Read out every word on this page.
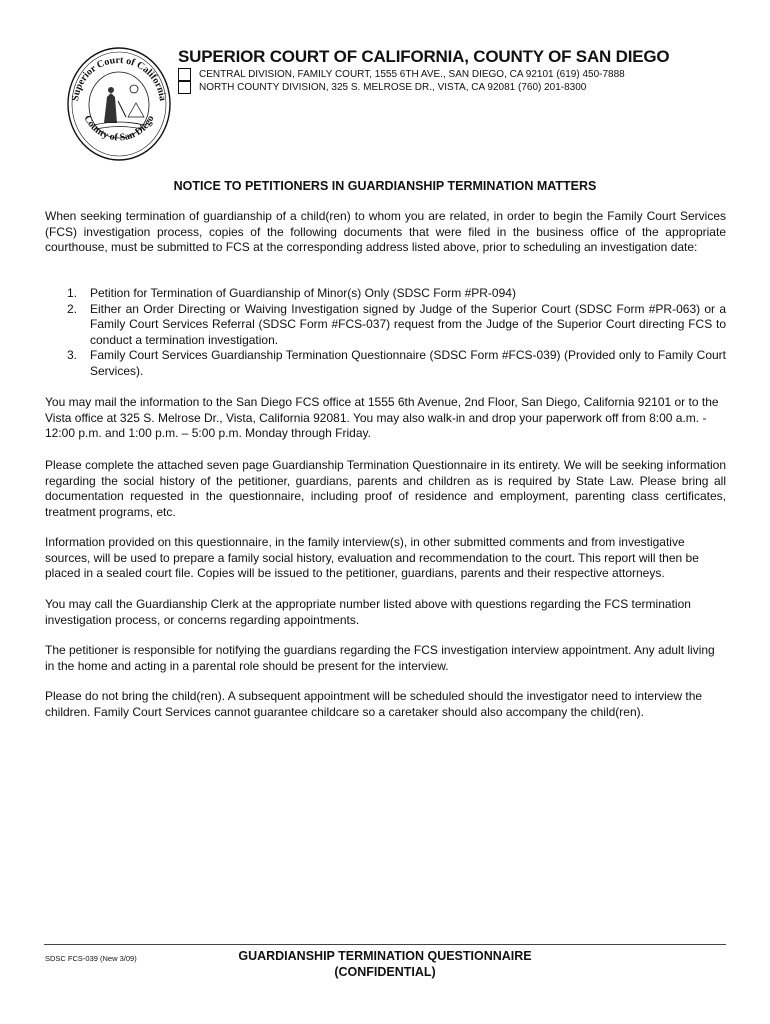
Superior Court of California
County of San Diego
SUPERIOR COURT OF CALIFORNIA, COUNTY OF SAN DIEGO
CENTRAL DIVISION, FAMILY COURT, 1555 6TH AVE., SAN DIEGO, CA 92101 (619) 450-7888
NORTH COUNTY DIVISION, 325 S. MELROSE DR., VISTA, CA 92081 (760) 201-8300
NOTICE TO PETITIONERS IN GUARDIANSHIP TERMINATION MATTERS

When seeking termination of guardianship of a child(ren) to whom you are related, in order to begin the Family Court Services (FCS) investigation process, copies of the following documents that were filed in the business office of the appropriate courthouse, must be submitted to FCS at the corresponding address listed above, prior to scheduling an investigation date:

1. Petition for Termination of Guardianship of Minor(s) Only (SDSC Form #PR-094)
2. Either an Order Directing or Waiving Investigation signed by Judge of the Superior Court (SDSC Form #PR-063) or a Family Court Services Referral (SDSC Form #FCS-037) request from the Judge of the Superior Court directing FCS to conduct a termination investigation.
3. Family Court Services Guardianship Termination Questionnaire (SDSC Form #FCS-039) (Provided only to Family Court Services).

You may mail the information to the San Diego FCS office at 1555 6th Avenue, 2nd Floor, San Diego, California 92101 or to the Vista office at 325 S. Melrose Dr., Vista, California 92081. You may also walk-in and drop your paperwork off from 8:00 a.m. - 12:00 p.m. and 1:00 p.m. – 5:00 p.m. Monday through Friday.

Please complete the attached seven page Guardianship Termination Questionnaire in its entirety. We will be seeking information regarding the social history of the petitioner, guardians, parents and children as is required by State Law. Please bring all documentation requested in the questionnaire, including proof of residence and employment, parenting class certificates, treatment programs, etc.

Information provided on this questionnaire, in the family interview(s), in other submitted comments and from investigative sources, will be used to prepare a family social history, evaluation and recommendation to the court. This report will then be placed in a sealed court file. Copies will be issued to the petitioner, guardians, parents and their respective attorneys.

You may call the Guardianship Clerk at the appropriate number listed above with questions regarding the FCS termination investigation process, or concerns regarding appointments.

The petitioner is responsible for notifying the guardians regarding the FCS investigation interview appointment. Any adult living in the home and acting in a parental role should be present for the interview.

Please do not bring the child(ren). A subsequent appointment will be scheduled should the investigator need to interview the children. Family Court Services cannot guarantee childcare so a caretaker should also accompany the child(ren).

SDSC FCS-039 (New 3/09)	GUARDIANSHIP TERMINATION QUESTIONNAIRE
(CONFIDENTIAL)
